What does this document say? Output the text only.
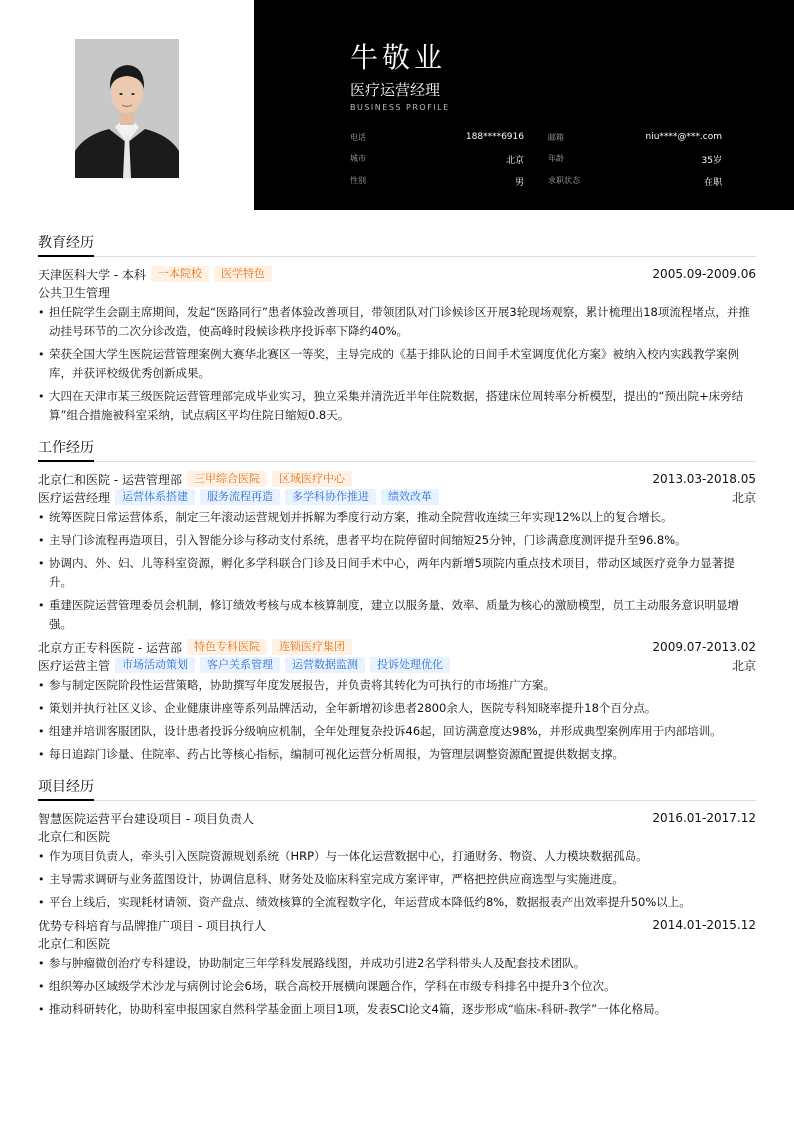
牛敬业
医疗运营经理
BUSINESS PROFILE
电话	188****6916	邮箱	niu****@***.com
城市	北京	年龄	35岁
性别	男	求职状态	在职
教育经历
天津医科大学 - 本科	一本院校	医学特色	2005.09-2009.06
公共卫生管理
• 担任院学生会副主席期间，发起“医路同行”患者体验改善项目，带领团队对门诊候诊区开展3轮现场观察，累计梳理出18项流程堵点，并推动挂号环节的二次分诊改造，使高峰时段候诊秩序投诉率下降约40%。
• 荣获全国大学生医院运营管理案例大赛华北赛区一等奖，主导完成的《基于排队论的日间手术室调度优化方案》被纳入校内实践教学案例库，并获评校级优秀创新成果。
• 大四在天津市某三级医院运营管理部完成毕业实习，独立采集并清洗近半年住院数据，搭建床位周转率分析模型，提出的“预出院+床旁结算”组合措施被科室采纳，试点病区平均住院日缩短0.8天。
工作经历
北京仁和医院 - 运营管理部	三甲综合医院	区域医疗中心	2013.03-2018.05
医疗运营经理	运营体系搭建	服务流程再造	多学科协作推进	绩效改革	北京
• 统筹医院日常运营体系，制定三年滚动运营规划并拆解为季度行动方案，推动全院营收连续三年实现12%以上的复合增长。
• 主导门诊流程再造项目，引入智能分诊与移动支付系统，患者平均在院停留时间缩短25分钟，门诊满意度测评提升至96.8%。
• 协调内、外、妇、儿等科室资源，孵化多学科联合门诊及日间手术中心，两年内新增5项院内重点技术项目，带动区域医疗竞争力显著提升。
• 重建医院运营管理委员会机制，修订绩效考核与成本核算制度，建立以服务量、效率、质量为核心的激励模型，员工主动服务意识明显增强。
北京方正专科医院 - 运营部	特色专科医院	连锁医疗集团	2009.07-2013.02
医疗运营主管	市场活动策划	客户关系管理	运营数据监测	投诉处理优化	北京
• 参与制定医院阶段性运营策略，协助撰写年度发展报告，并负责将其转化为可执行的市场推广方案。
• 策划并执行社区义诊、企业健康讲座等系列品牌活动，全年新增初诊患者2800余人，医院专科知晓率提升18个百分点。
• 组建并培训客服团队，设计患者投诉分级响应机制，全年处理复杂投诉46起，回访满意度达98%，并形成典型案例库用于内部培训。
• 每日追踪门诊量、住院率、药占比等核心指标，编制可视化运营分析周报，为管理层调整资源配置提供数据支撑。
项目经历
智慧医院运营平台建设项目 - 项目负责人	2016.01-2017.12
北京仁和医院
• 作为项目负责人，牵头引入医院资源规划系统（HRP）与一体化运营数据中心，打通财务、物资、人力模块数据孤岛。
• 主导需求调研与业务蓝图设计，协调信息科、财务处及临床科室完成方案评审，严格把控供应商选型与实施进度。
• 平台上线后，实现耗材请领、资产盘点、绩效核算的全流程数字化，年运营成本降低约8%，数据报表产出效率提升50%以上。
优势专科培育与品牌推广项目 - 项目执行人	2014.01-2015.12
北京仁和医院
• 参与肿瘤微创治疗专科建设，协助制定三年学科发展路线图，并成功引进2名学科带头人及配套技术团队。
• 组织筹办区域级学术沙龙与病例讨论会6场，联合高校开展横向课题合作，学科在市级专科排名中提升3个位次。
• 推动科研转化，协助科室申报国家自然科学基金面上项目1项，发表SCI论文4篇，逐步形成“临床-科研-教学”一体化格局。
